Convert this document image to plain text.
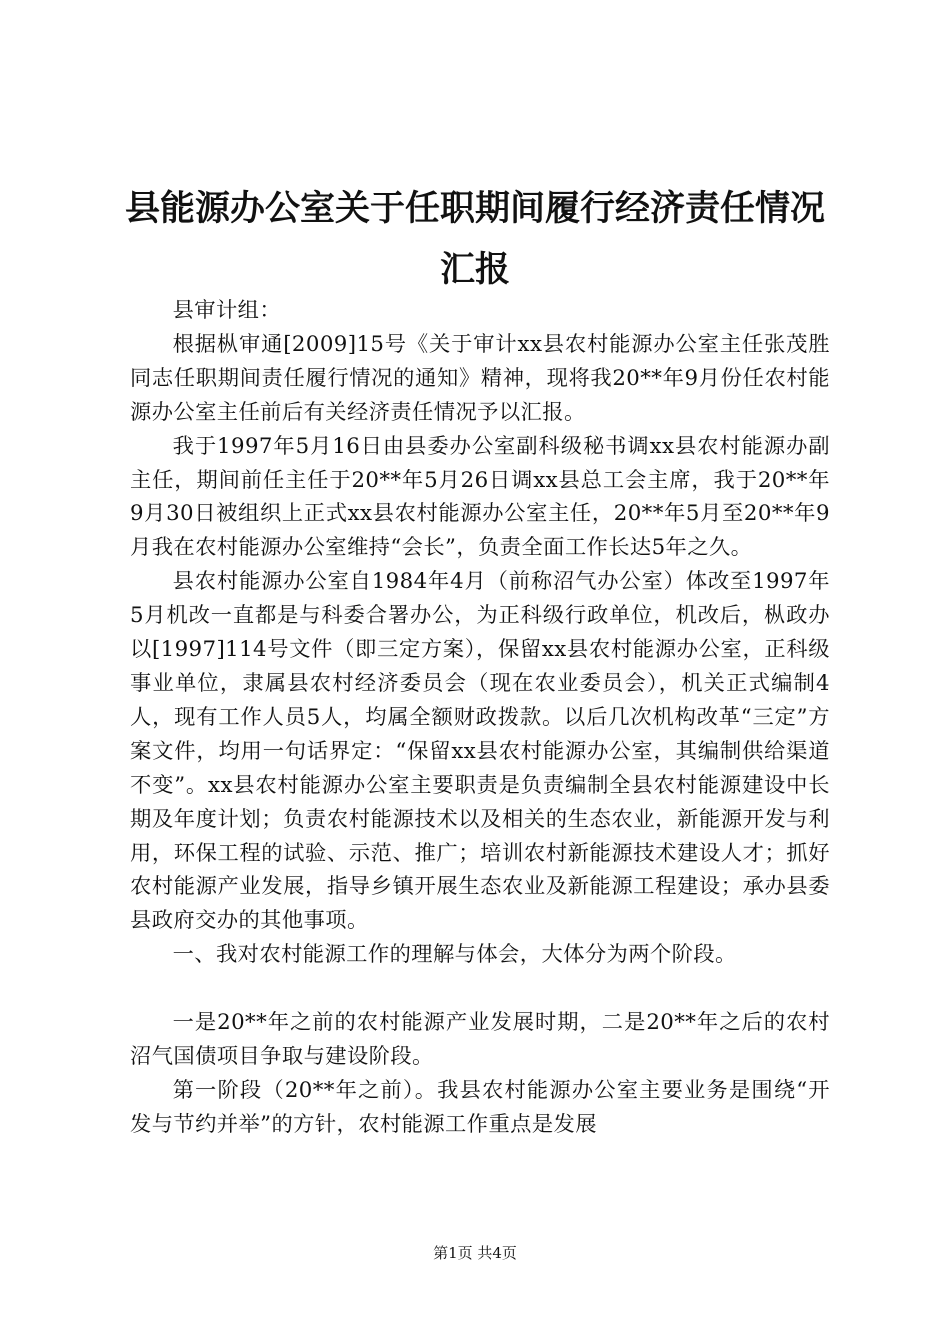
县能源办公室关于任职期间履行经济责任情况
汇报

县审计组：

根据枞审通[2009]15号《关于审计xx县农村能源办公室主任张茂胜同志任职期间责任履行情况的通知》精神，现将我20**年9月份任农村能源办公室主任前后有关经济责任情况予以汇报。

我于1997年5月16日由县委办公室副科级秘书调xx县农村能源办副主任，期间前任主任于20**年5月26日调xx县总工会主席，我于20**年9月30日被组织上正式xx县农村能源办公室主任，20**年5月至20**年9月我在农村能源办公室维持“会长”，负责全面工作长达5年之久。

县农村能源办公室自1984年4月（前称沼气办公室）体改至1997年5月机改一直都是与科委合署办公，为正科级行政单位，机改后，枞政办以[1997]114号文件（即三定方案），保留xx县农村能源办公室，正科级事业单位，隶属县农村经济委员会（现在农业委员会），机关正式编制4人，现有工作人员5人，均属全额财政拨款。以后几次机构改革“三定”方案文件，均用一句话界定：“保留xx县农村能源办公室，其编制供给渠道不变”。xx县农村能源办公室主要职责是负责编制全县农村能源建设中长期及年度计划；负责农村能源技术以及相关的生态农业，新能源开发与利用，环保工程的试验、示范、推广；培训农村新能源技术建设人才；抓好农村能源产业发展，指导乡镇开展生态农业及新能源工程建设；承办县委县政府交办的其他事项。

一、我对农村能源工作的理解与体会，大体分为两个阶段。

一是20**年之前的农村能源产业发展时期，二是20**年之后的农村沼气国债项目争取与建设阶段。

第一阶段（20**年之前）。我县农村能源办公室主要业务是围绕“开发与节约并举”的方针，农村能源工作重点是发展

第1页 共4页
